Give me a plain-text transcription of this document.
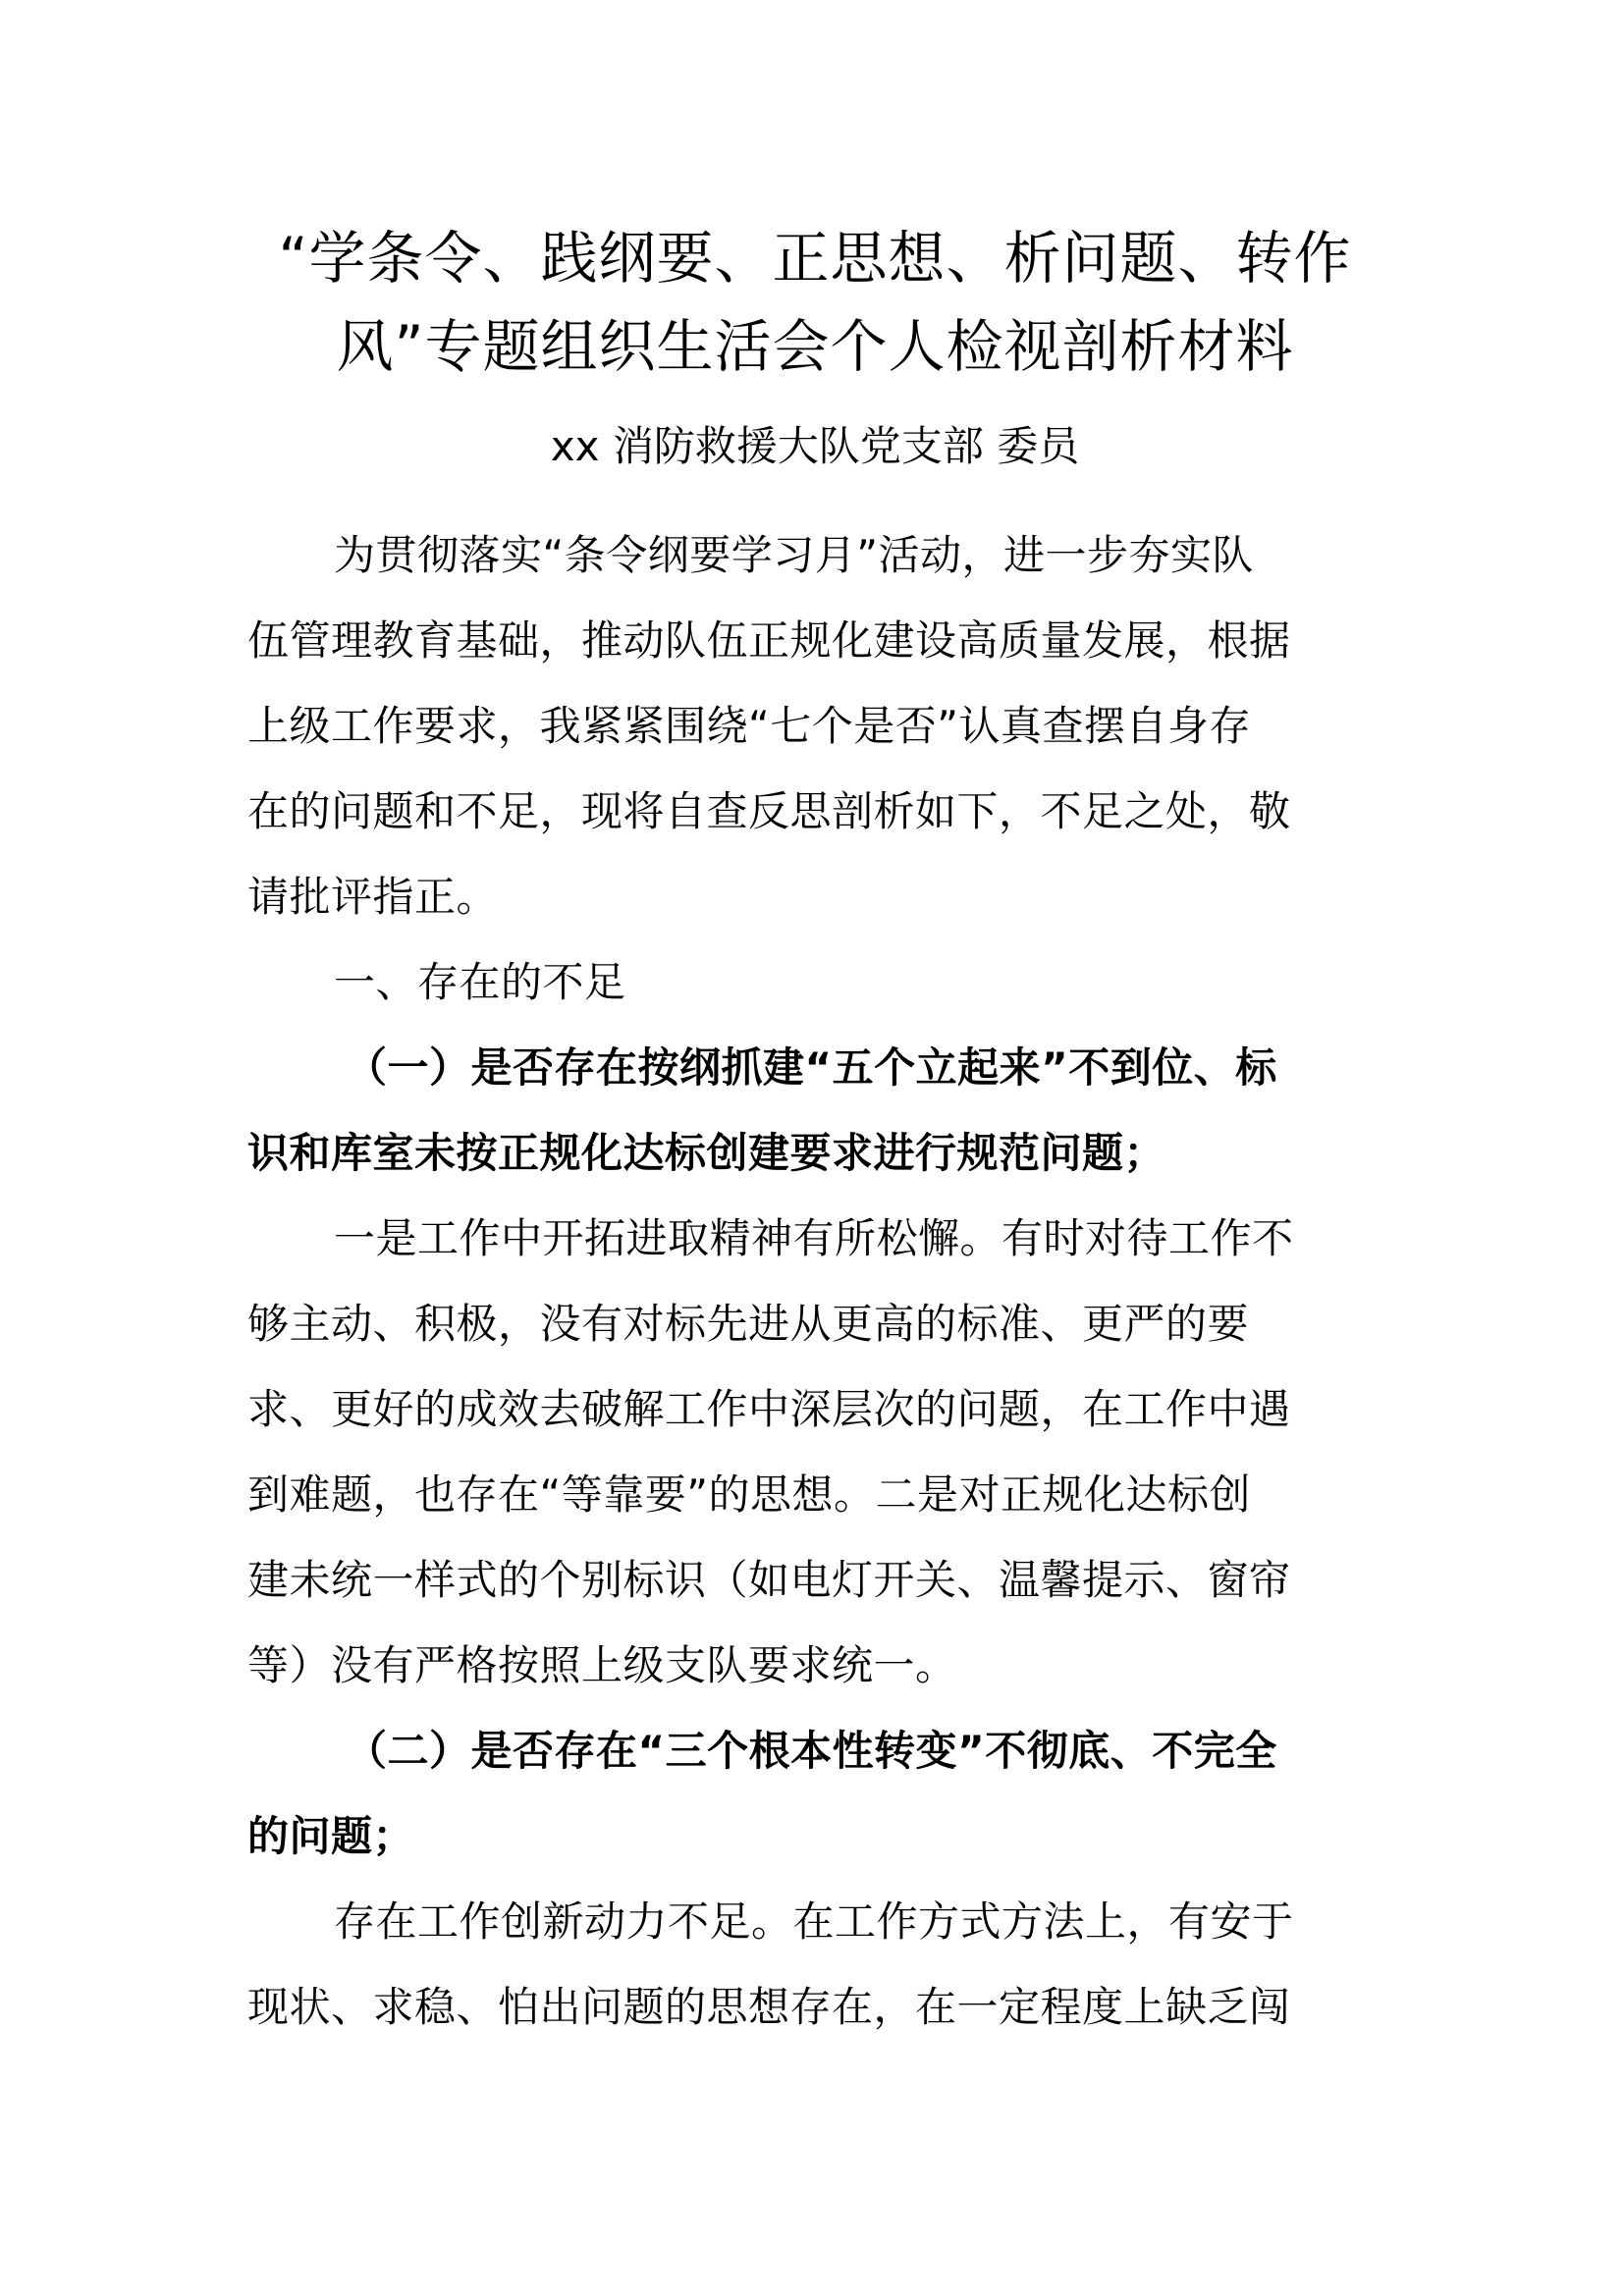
“学条令、践纲要、正思想、析问题、转作
风”专题组织生活会个人检视剖析材料

xx 消防救援大队党支部 委员

为贯彻落实“条令纲要学习月”活动，进一步夯实队
伍管理教育基础，推动队伍正规化建设高质量发展，根据
上级工作要求，我紧紧围绕“七个是否”认真查摆自身存
在的问题和不足，现将自查反思剖析如下，不足之处，敬
请批评指正。
一、存在的不足
（一）是否存在按纲抓建“五个立起来”不到位、标
识和库室未按正规化达标创建要求进行规范问题；
一是工作中开拓进取精神有所松懈。有时对待工作不
够主动、积极，没有对标先进从更高的标准、更严的要
求、更好的成效去破解工作中深层次的问题，在工作中遇
到难题，也存在“等靠要”的思想。二是对正规化达标创
建未统一样式的个别标识（如电灯开关、温馨提示、窗帘
等）没有严格按照上级支队要求统一。
（二）是否存在“三个根本性转变”不彻底、不完全
的问题；
存在工作创新动力不足。在工作方式方法上，有安于
现状、求稳、怕出问题的思想存在，在一定程度上缺乏闯
